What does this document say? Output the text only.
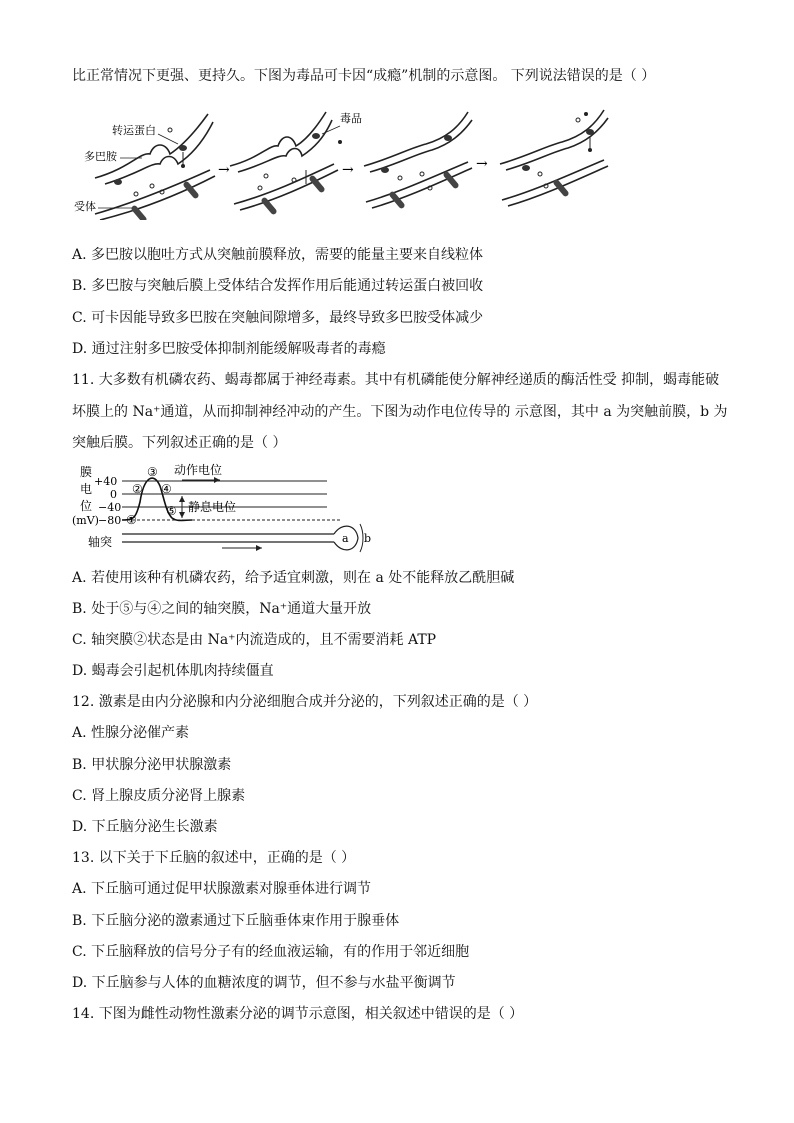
比正常情况下更强、更持久。下图为毒品可卡因“成瘾”机制的示意图。 下列说法错误的是（ ）
转运蛋白
多巴胺
受体
→
毒品
→	→
A. 多巴胺以胞吐方式从突触前膜释放，需要的能量主要来自线粒体
B. 多巴胺与突触后膜上受体结合发挥作用后能通过转运蛋白被回收
C. 可卡因能导致多巴胺在突触间隙增多，最终导致多巴胺受体减少
D. 通过注射多巴胺受体抑制剂能缓解吸毒者的毒瘾
11. 大多数有机磷农药、蝎毒都属于神经毒素。其中有机磷能使分解神经递质的酶活性受 抑制，蝎毒能破
坏膜上的 Na⁺通道，从而抑制神经冲动的产生。下图为动作电位传导的 示意图，其中 a 为突触前膜，b 为
突触后膜。下列叙述正确的是（ ）
膜
电
位
(mV)
+40
0
−40
−80 ①
②
③
④
⑤
动作电位
静息电位
轴突	a b
A. 若使用该种有机磷农药，给予适宜刺激，则在 a 处不能释放乙酰胆碱
B. 处于⑤与④之间的轴突膜，Na⁺通道大量开放
C. 轴突膜②状态是由 Na⁺内流造成的，且不需要消耗 ATP
D. 蝎毒会引起机体肌肉持续僵直
12. 激素是由内分泌腺和内分泌细胞合成并分泌的，下列叙述正确的是（ ）
A. 性腺分泌催产素
B. 甲状腺分泌甲状腺激素
C. 肾上腺皮质分泌肾上腺素
D. 下丘脑分泌生长激素
13. 以下关于下丘脑的叙述中，正确的是（ ）
A. 下丘脑可通过促甲状腺激素对腺垂体进行调节
B. 下丘脑分泌的激素通过下丘脑垂体束作用于腺垂体
C. 下丘脑释放的信号分子有的经血液运输，有的作用于邻近细胞
D. 下丘脑参与人体的血糖浓度的调节，但不参与水盐平衡调节
14. 下图为雌性动物性激素分泌的调节示意图，相关叙述中错误的是（ ）
